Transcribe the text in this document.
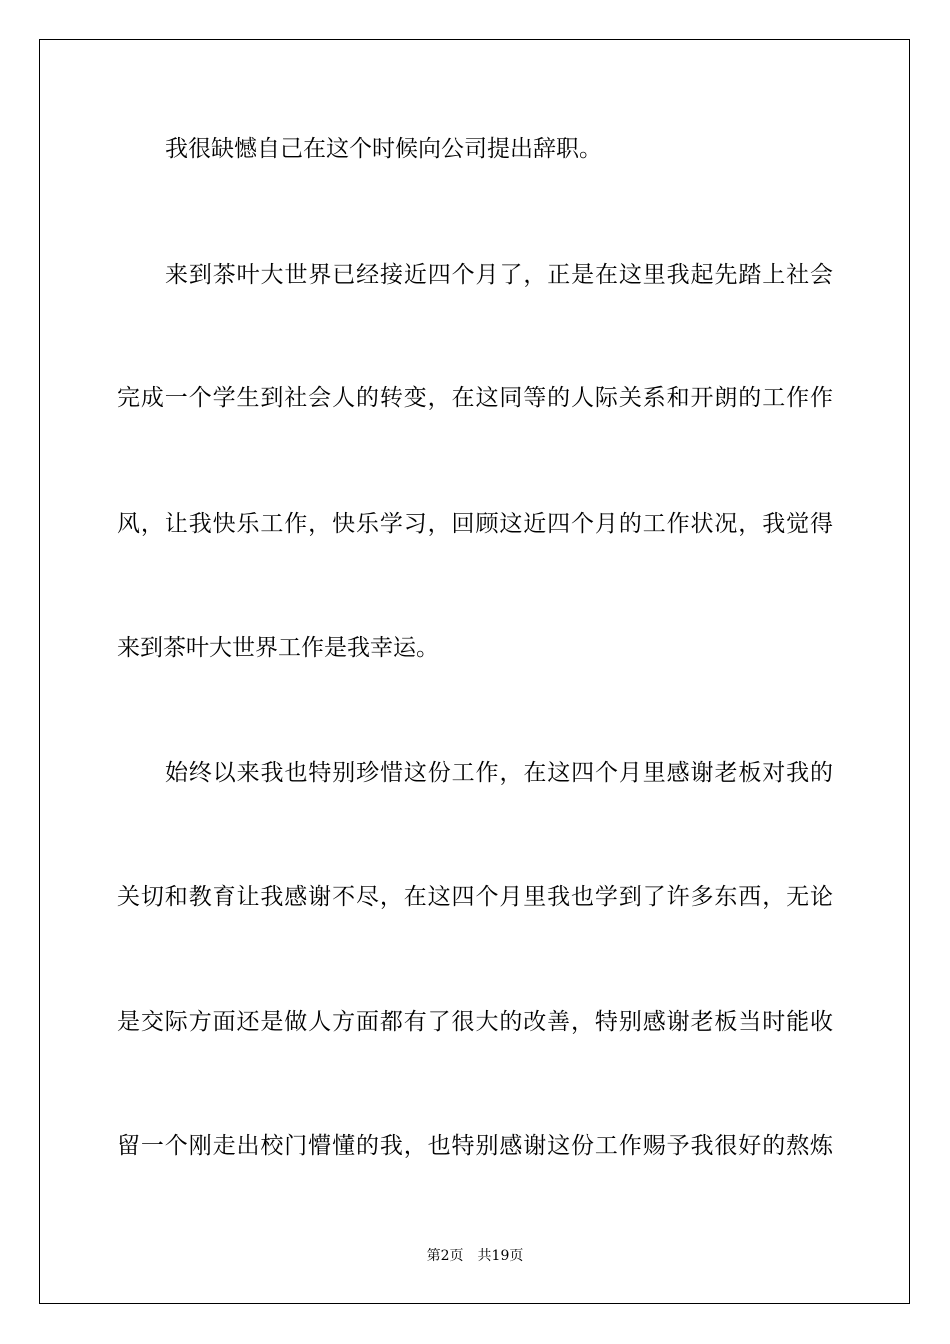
我很缺憾自己在这个时候向公司提出辞职。
来到茶叶大世界已经接近四个月了，正是在这里我起先踏上社会
完成一个学生到社会人的转变，在这同等的人际关系和开朗的工作作
风，让我快乐工作，快乐学习，回顾这近四个月的工作状况，我觉得
来到茶叶大世界工作是我幸运。
始终以来我也特别珍惜这份工作，在这四个月里感谢老板对我的
关切和教育让我感谢不尽，在这四个月里我也学到了许多东西，无论
是交际方面还是做人方面都有了很大的改善，特别感谢老板当时能收
留一个刚走出校门懵懂的我，也特别感谢这份工作赐予我很好的熬炼
第2页 共19页
